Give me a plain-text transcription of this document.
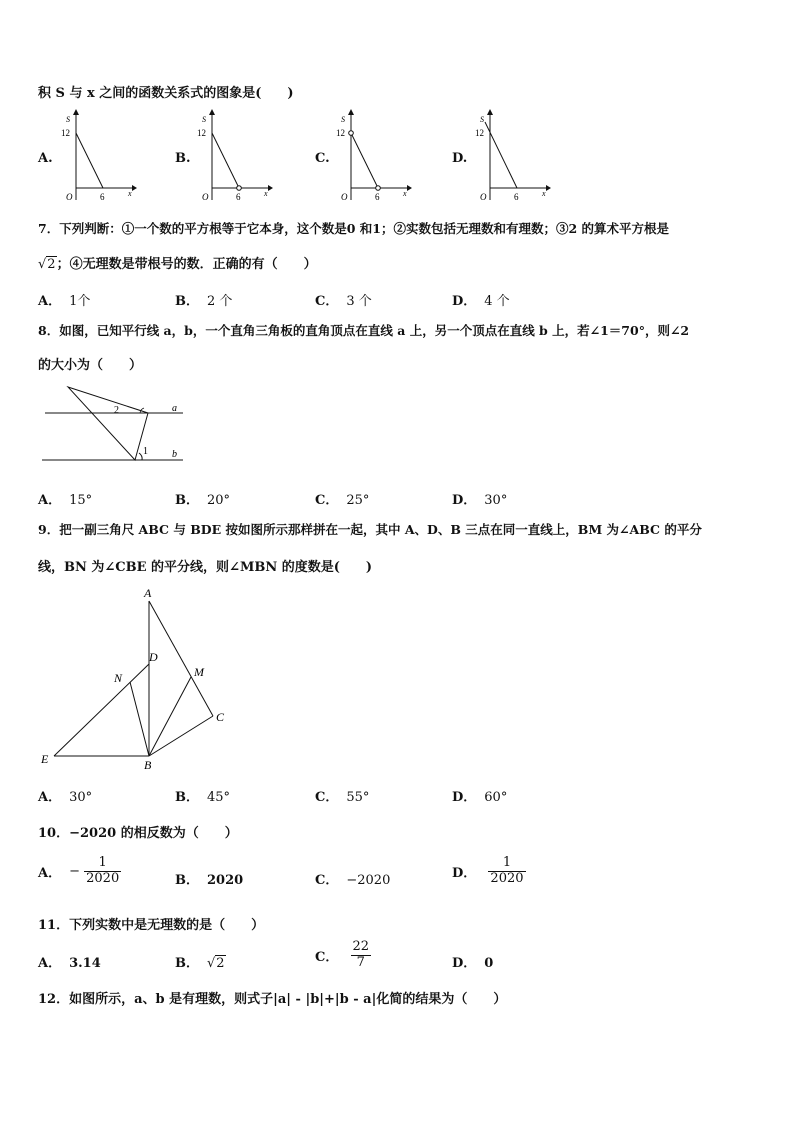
积 S 与 x 之间的函数关系式的图象是(　　)
A.	B.	C.	D.
S
12
O	6	x
S
12
O	6	x
S
12
O	6	x
S
12
O	6	x
7．下列判断：①一个数的平方根等于它本身，这个数是0 和1；②实数包括无理数和有理数；③2 的算术平方根是
√2；④无理数是带根号的数．正确的有（　　）
A． 1个	B． 2 个	C． 3 个	D． 4 个
8．如图，已知平行线 a，b，一个直角三角板的直角顶点在直线 a 上，另一个顶点在直线 b 上，若∠1＝70°，则∠2
的大小为（　　）
2
1
a
b
A． 15°	B． 20°	C． 25°	D． 30°
9．把一副三角尺 ABC 与 BDE 按如图所示那样拼在一起，其中 A、D、B 三点在同一直线上，BM 为∠ABC 的平分
线，BN 为∠CBE 的平分线，则∠MBN 的度数是(　　)
A
D
N	M
C
E	B
A． 30°	B． 45°	C． 55°	D． 60°
10．−2020 的相反数为（　　）
A． − $\frac{1}{2020}$	B． 2020	C． −2020	D． $\frac{1}{2020}$
11．下列实数中是无理数的是（　　）
A． 3.14	B． √2	C． $\frac{22}{7}$	D． 0
12．如图所示，a、b 是有理数，则式子|a| - |b|+|b - a|化简的结果为（　　）
